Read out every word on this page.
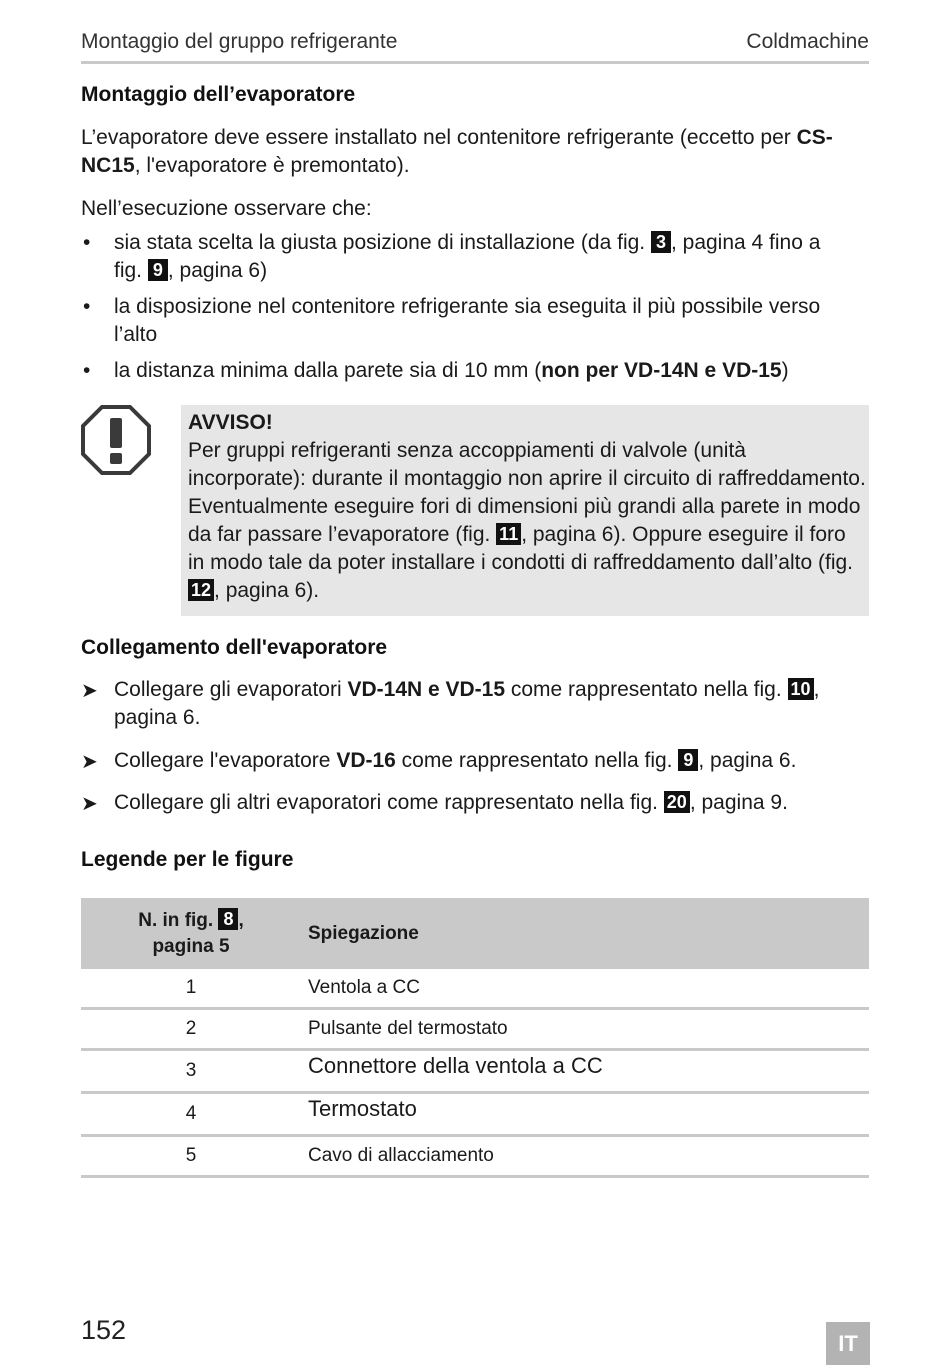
Montaggio del gruppo refrigerante	Coldmachine
Montaggio dell’evaporatore
L’evaporatore deve essere installato nel contenitore refrigerante (eccetto per CS-NC15, l'evaporatore è premontato).
Nell’esecuzione osservare che:
• sia stata scelta la giusta posizione di installazione (da fig. 3 , pagina 4 fino a fig. 9 , pagina 6)
• la disposizione nel contenitore refrigerante sia eseguita il più possibile verso l’alto
• la distanza minima dalla parete sia di 10 mm (non per VD-14N e VD-15)
AVVISO!
Per gruppi refrigeranti senza accoppiamenti di valvole (unità incorporate): durante il montaggio non aprire il circuito di raffreddamento. Eventualmente eseguire fori di dimensioni più grandi alla parete in modo da far passare l’evaporatore (fig. 11 , pagina 6). Oppure eseguire il foro in modo tale da poter installare i condotti di raffreddamento dall’alto (fig. 12 , pagina 6).
Collegamento dell'evaporatore
➤ Collegare gli evaporatori VD-14N e VD-15 come rappresentato nella fig. 10 , pagina 6.
➤ Collegare l'evaporatore VD-16 come rappresentato nella fig. 9 , pagina 6.
➤ Collegare gli altri evaporatori come rappresentato nella fig. 20 , pagina 9.
Legende per le figure
N. in fig. 8 ,
pagina 5	Spiegazione
1	Ventola a CC
2	Pulsante del termostato
3	Connettore della ventola a CC
4	Termostato
5	Cavo di allacciamento
152	IT
